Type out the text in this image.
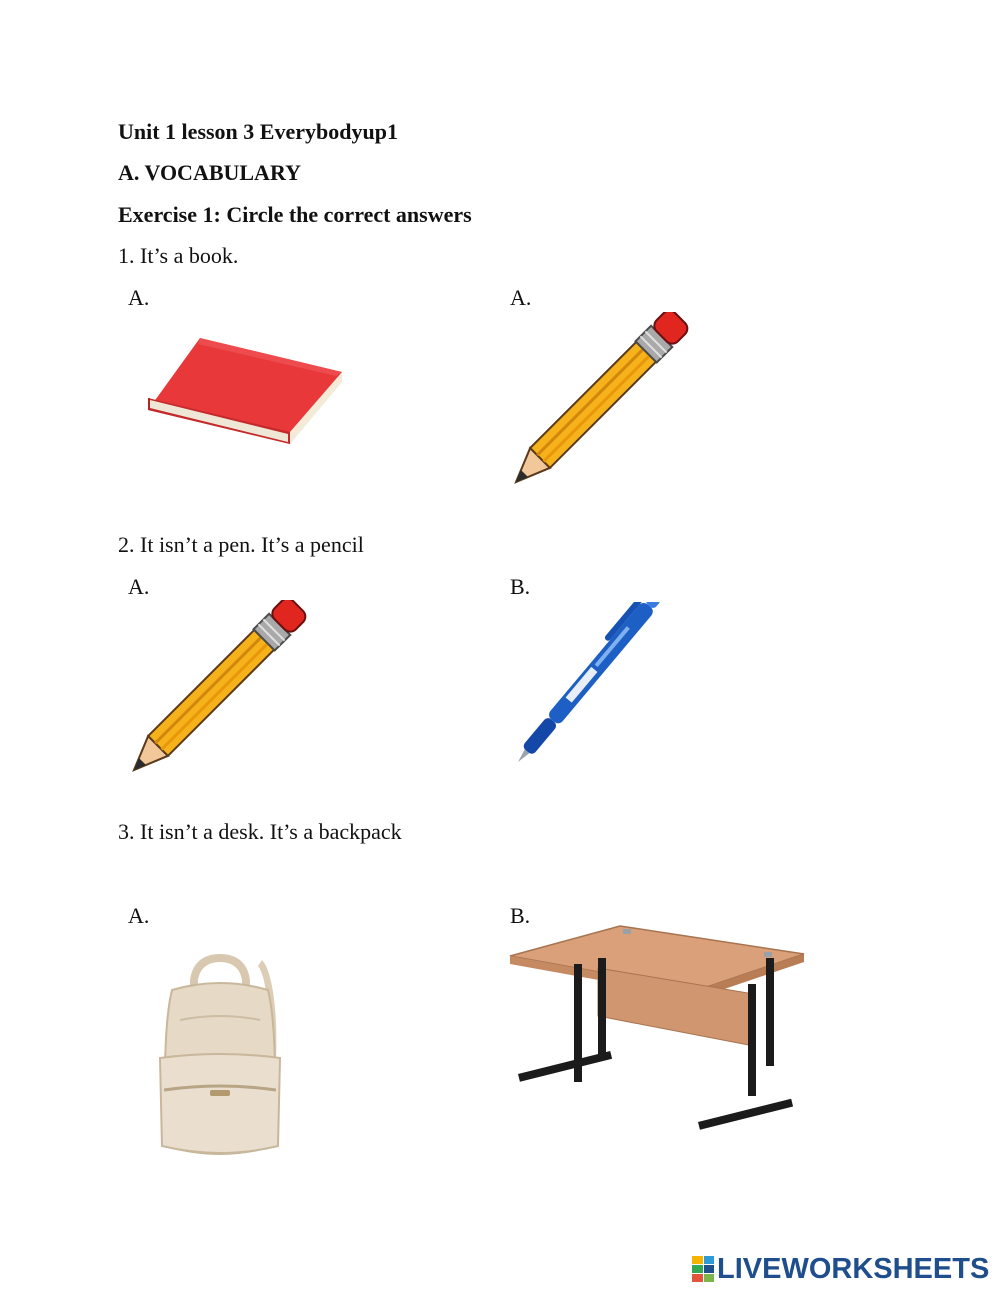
Unit 1 lesson 3 Everybodyup1
A. VOCABULARY
Exercise 1: Circle the correct answers
1. It’s a book.
A.	A.
2. It isn’t a pen. It’s a pencil
A.	B.
3. It isn’t a desk. It’s a backpack
A.	B.
LIVEWORKSHEETS
